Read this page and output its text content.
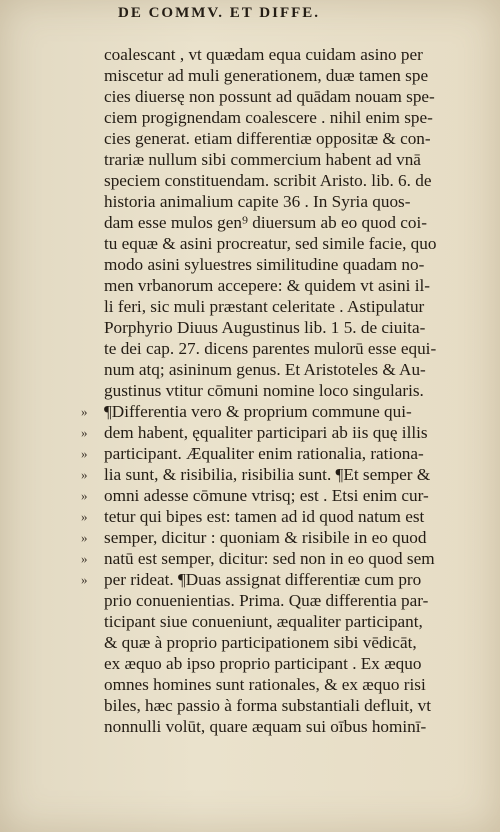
DE COMMV. ET DIFFE.
coalescant , vt quædam equa cuidam asino per
miscetur ad muli generationem, duæ tamen spe
cies diuersę non possunt ad quādam nouam spe-
ciem progignendam coalescere . nihil enim spe-
cies generat. etiam differentiæ oppositæ & con-
trariæ nullum sibi commercium habent ad vnā
speciem constituendam. scribit Aristo. lib. 6. de
historia animalium capite 36 . In Syria quos-
dam esse mulos gen⁹ diuersum ab eo quod coi-
tu equæ & asini procreatur, sed simile facie, quo
modo asini syluestres similitudine quadam no-
men vrbanorum accepere: & quidem vt asini il-
li feri, sic muli præstant celeritate . Astipulatur
Porphyrio Diuus Augustinus lib. 1 5. de ciuita-
te dei cap. 27. dicens parentes mulorū esse equi-
num atq; asininum genus. Et Aristoteles & Au-
gustinus vtitur cōmuni nomine loco singularis.
» ¶Differentia vero & proprium commune qui-
» dem habent, ęqualiter participari ab iis quę illis
» participant. Æqualiter enim rationalia, rationa-
» lia sunt, & risibilia, risibilia sunt. ¶Et semper &
» omni adesse cōmune vtrisq; est . Etsi enim cur-
» tetur qui bipes est: tamen ad id quod natum est
» semper, dicitur : quoniam & risibile in eo quod
» natū est semper, dicitur: sed non in eo quod sem
» per rideat. ¶Duas assignat differentiæ cum pro
prio conuenientias. Prima. Quæ differentia par-
ticipant siue conueniunt, æqualiter participant,
& quæ à proprio participationem sibi vēdicāt,
ex æquo ab ipso proprio participant . Ex æquo
omnes homines sunt rationales, & ex æquo risi
biles, hæc passio à forma substantiali defluit, vt
nonnulli volūt, quare æquam sui oībus hominī-
